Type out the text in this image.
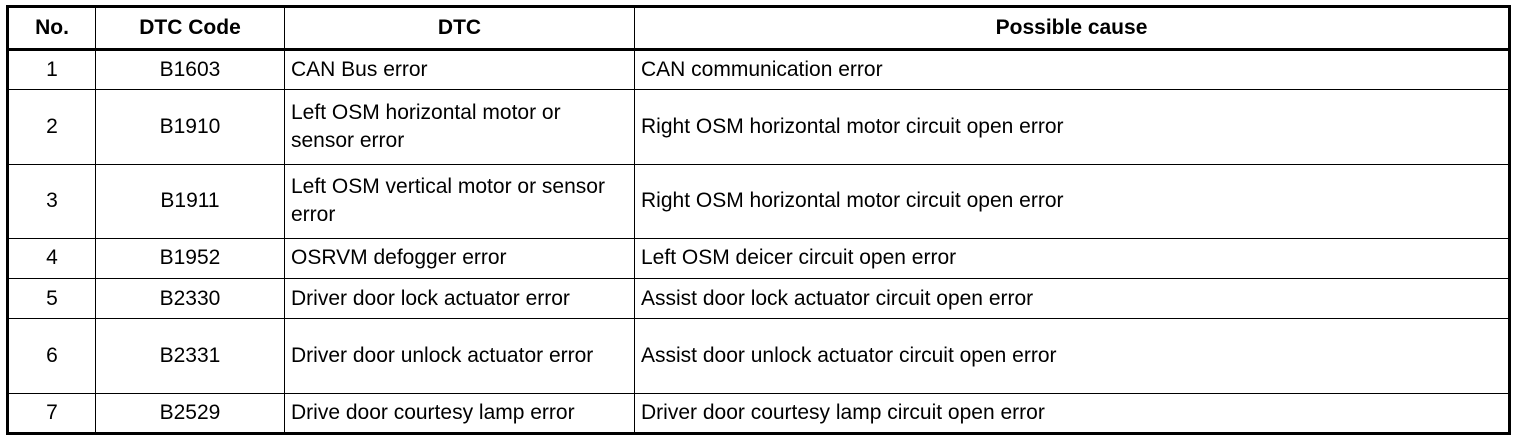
No.	DTC Code	DTC	Possible cause
1	B1603	CAN Bus error	CAN communication error
2	B1910	Left OSM horizontal motor or sensor error	Right OSM horizontal motor circuit open error
3	B1911	Left OSM vertical motor or sensor error	Right OSM horizontal motor circuit open error
4	B1952	OSRVM defogger error	Left OSM deicer circuit open error
5	B2330	Driver door lock actuator error	Assist door lock actuator circuit open error
6	B2331	Driver door unlock actuator error	Assist door unlock actuator circuit open error
7	B2529	Drive door courtesy lamp error	Driver door courtesy lamp circuit open error
